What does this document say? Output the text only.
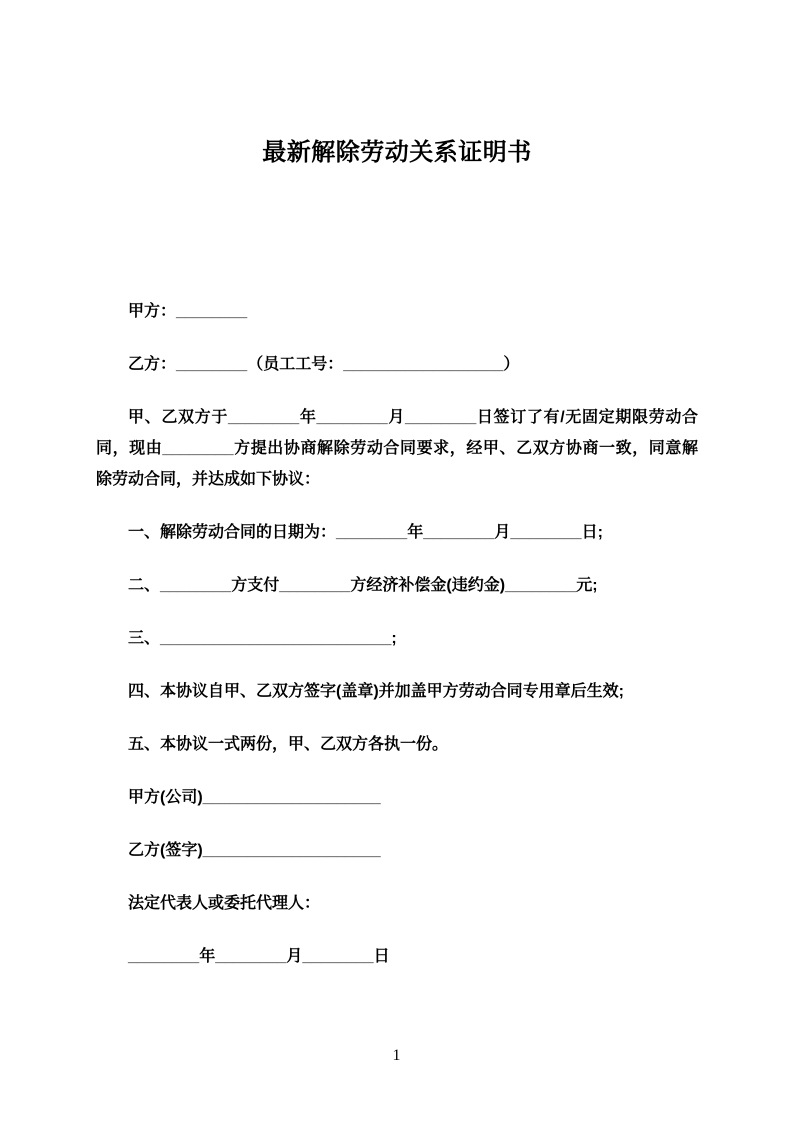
最新解除劳动关系证明书

甲方：________

乙方：________（员工工号：__________________）

甲、乙双方于________年________月________日签订了有/无固定期限劳动合
同，现由________方提出协商解除劳动合同要求，经甲、乙双方协商一致，同意解
除劳动合同，并达成如下协议：

一、解除劳动合同的日期为：________年________月________日;

二、________方支付________方经济补偿金(违约金)________元;

三、__________________________;

四、本协议自甲、乙双方签字(盖章)并加盖甲方劳动合同专用章后生效;

五、本协议一式两份，甲、乙双方各执一份。

甲方(公司)____________________

乙方(签字)____________________

法定代表人或委托代理人：

________年________月________日

1
